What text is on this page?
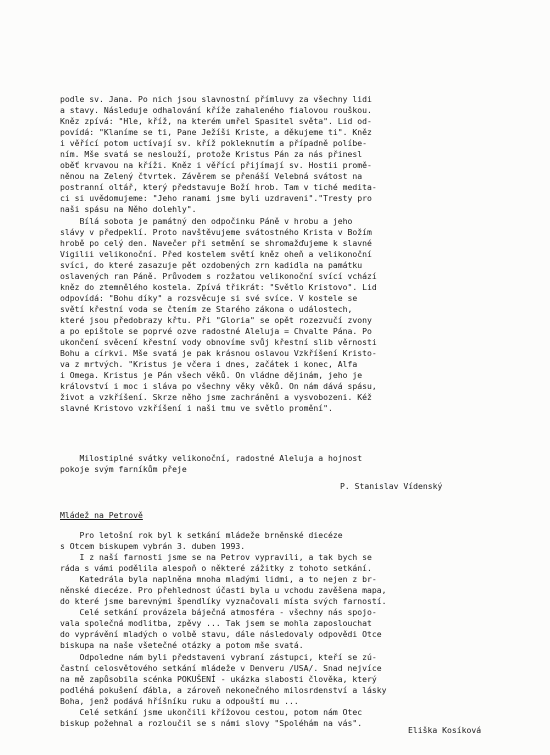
podle sv. Jana. Po nich jsou slavnostní přímluvy za všechny lidi
a stavy. Následuje odhalování kříže zahaleného fialovou rouškou.
Kněz zpívá: "Hle, kříž, na kterém umřel Spasitel světa". Lid od-
povídá: "Klaníme se ti, Pane Ježíši Kriste, a děkujeme ti". Kněz
i věřící potom uctívají sv. kříž pokleknutím a případně políbe-
ním. Mše svatá se neslouží, protože Kristus Pán za nás přinesl
oběť krvavou na kříži. Kněz i věřící přijímají sv. Hostii promě-
něnou na Zelený čtvrtek. Závěrem se přenáší Velebná svátost na
postranní oltář, který představuje Boží hrob. Tam v tiché medita-
ci si uvědomujeme: "Jeho ranami jsme byli uzdraveni"."Tresty pro
naši spásu na Něho dolehly".
Bílá sobota je památný den odpočinku Páně v hrobu a jeho
slávy v předpeklí. Proto navštěvujeme svátostného Krista v Božím
hrobě po celý den. Navečer při setmění se shromažďujeme k slavné
Vigilii velikonoční. Před kostelem světí kněz oheň a velikonoční
svíci, do které zasazuje pět ozdobených zrn kadidla na památku
oslavených ran Páně. Průvodem s rozžatou velikonoční svící vchází
kněz do ztemnělého kostela. Zpívá třikrát: "Světlo Kristovo". Lid
odpovídá: "Bohu díky" a rozsvěcuje si své svíce. V kostele se
světí křestní voda se čtením ze Starého zákona o událostech,
které jsou předobrazy křtu. Při "Gloria" se opět rozezvučí zvony
a po epištole se poprvé ozve radostné Aleluja = Chvalte Pána. Po
ukončení svěcení křestní vody obnovíme svůj křestní slib věrnosti
Bohu a církvi. Mše svatá je pak krásnou oslavou Vzkříšení Kristo-
va z mrtvých. "Kristus je včera i dnes, začátek i konec, Alfa
i Omega. Kristus je Pán všech věků. On vládne dějinám, jeho je
království i moc i sláva po všechny věky věků. On nám dává spásu,
život a vzkříšení. Skrze něho jsme zachráněni a vysvobozeni. Kéž
slavné Kristovo vzkříšení i naši tmu ve světlo promění".
Milostiplné svátky velikonoční, radostné Aleluja a hojnost
pokoje svým farníkům přeje
P. Stanislav Vídenský
Mládež na Petrově
Pro letošní rok byl k setkání mládeže brněnské diecéze
s Otcem biskupem vybrán 3. duben 1993.
I z naší farnosti jsme se na Petrov vypravili, a tak bych se
ráda s vámi podělila alespoň o některé zážitky z tohoto setkání.
Katedrála byla naplněna mnoha mladými lidmi, a to nejen z br-
něnské diecéze. Pro přehlednost účasti byla u vchodu zavěšena mapa,
do které jsme barevnými špendlíky vyznačovali místa svých farností.
Celé setkání provázela báječná atmosféra - všechny nás spojo-
vala společná modlitba, zpěvy ... Tak jsem se mohla zaposlouchat
do vyprávění mladých o volbě stavu, dále následovaly odpovědi Otce
biskupa na naše všetečné otázky a potom mše svatá.
Odpoledne nám byli představeni vybraní zástupci, kteří se zú-
častní celosvětového setkání mládeže v Denveru /USA/. Snad nejvíce
na mě zapůsobila scénka POKUŠENÍ - ukázka slabosti člověka, který
podléhá pokušení ďábla, a zároveň nekonečného milosrdenství a lásky
Boha, jenž podává hříšníku ruku a odpouští mu ...
Celé setkání jsme ukončili křížovou cestou, potom nám Otec
biskup požehnal a rozloučil se s námi slovy "Spoléhám na vás".
Eliška Kosíková
